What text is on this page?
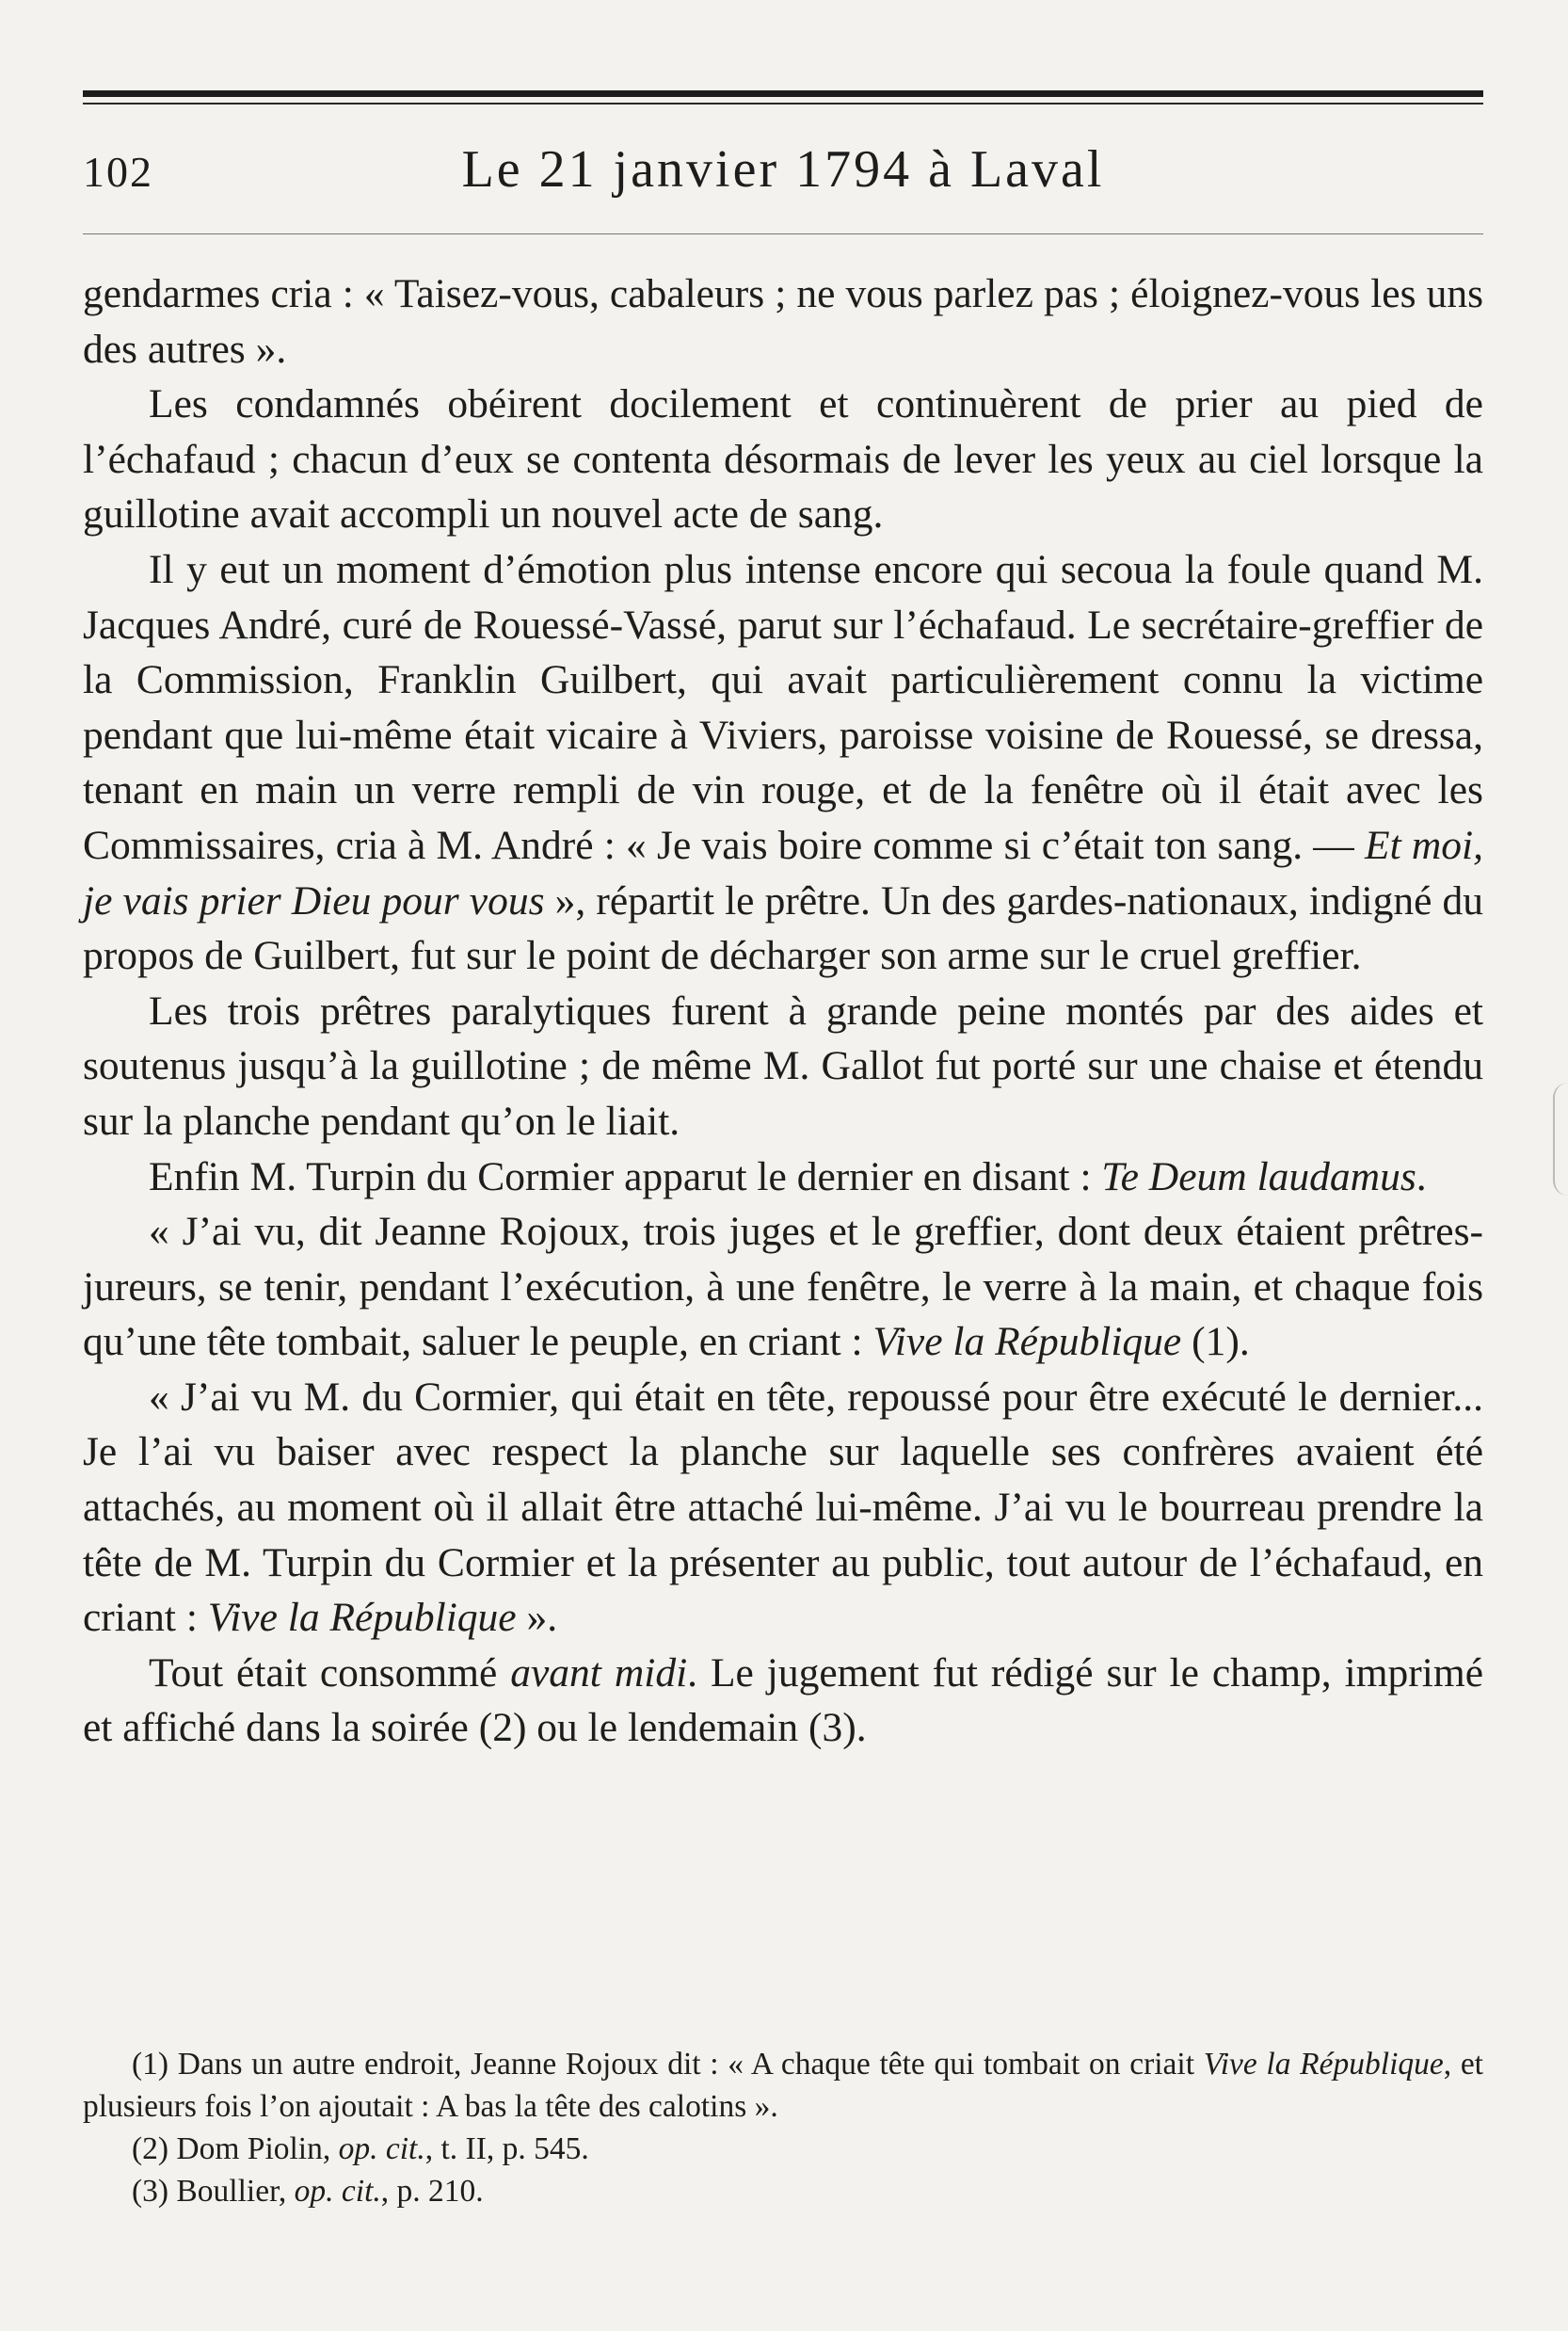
102	Le 21 janvier 1794 à Laval

gendarmes cria : « Taisez-vous, cabaleurs ; ne vous parlez pas ; éloignez-vous les uns des autres ».

Les condamnés obéirent docilement et continuèrent de prier au pied de l’échafaud ; chacun d’eux se contenta désormais de lever les yeux au ciel lorsque la guillotine avait accompli un nouvel acte de sang.

Il y eut un moment d’émotion plus intense encore qui secoua la foule quand M. Jacques André, curé de Rouessé-Vassé, parut sur l’échafaud. Le secrétaire-greffier de la Commission, Franklin Guilbert, qui avait particulièrement connu la victime pendant que lui-même était vicaire à Viviers, paroisse voisine de Rouessé, se dressa, tenant en main un verre rempli de vin rouge, et de la fenêtre où il était avec les Commissaires, cria à M. André : « Je vais boire comme si c’était ton sang. — Et moi, je vais prier Dieu pour vous », répartit le prêtre. Un des gardes-nationaux, indigné du propos de Guilbert, fut sur le point de décharger son arme sur le cruel greffier.

Les trois prêtres paralytiques furent à grande peine montés par des aides et soutenus jusqu’à la guillotine ; de même M. Gallot fut porté sur une chaise et étendu sur la planche pendant qu’on le liait.

Enfin M. Turpin du Cormier apparut le dernier en disant : Te Deum laudamus.

« J’ai vu, dit Jeanne Rojoux, trois juges et le greffier, dont deux étaient prêtres-jureurs, se tenir, pendant l’exécution, à une fenêtre, le verre à la main, et chaque fois qu’une tête tombait, saluer le peuple, en criant : Vive la République (1).

« J’ai vu M. du Cormier, qui était en tête, repoussé pour être exécuté le dernier... Je l’ai vu baiser avec respect la planche sur laquelle ses confrères avaient été attachés, au moment où il allait être attaché lui-même. J’ai vu le bourreau prendre la tête de M. Turpin du Cormier et la présenter au public, tout autour de l’échafaud, en criant : Vive la République ».

Tout était consommé avant midi. Le jugement fut rédigé sur le champ, imprimé et affiché dans la soirée (2) ou le lendemain (3).

(1) Dans un autre endroit, Jeanne Rojoux dit : « A chaque tête qui tombait on criait Vive la République, et plusieurs fois l’on ajoutait : A bas la tête des calotins ».

(2) Dom Piolin, op. cit., t. II, p. 545.

(3) Boullier, op. cit., p. 210.
